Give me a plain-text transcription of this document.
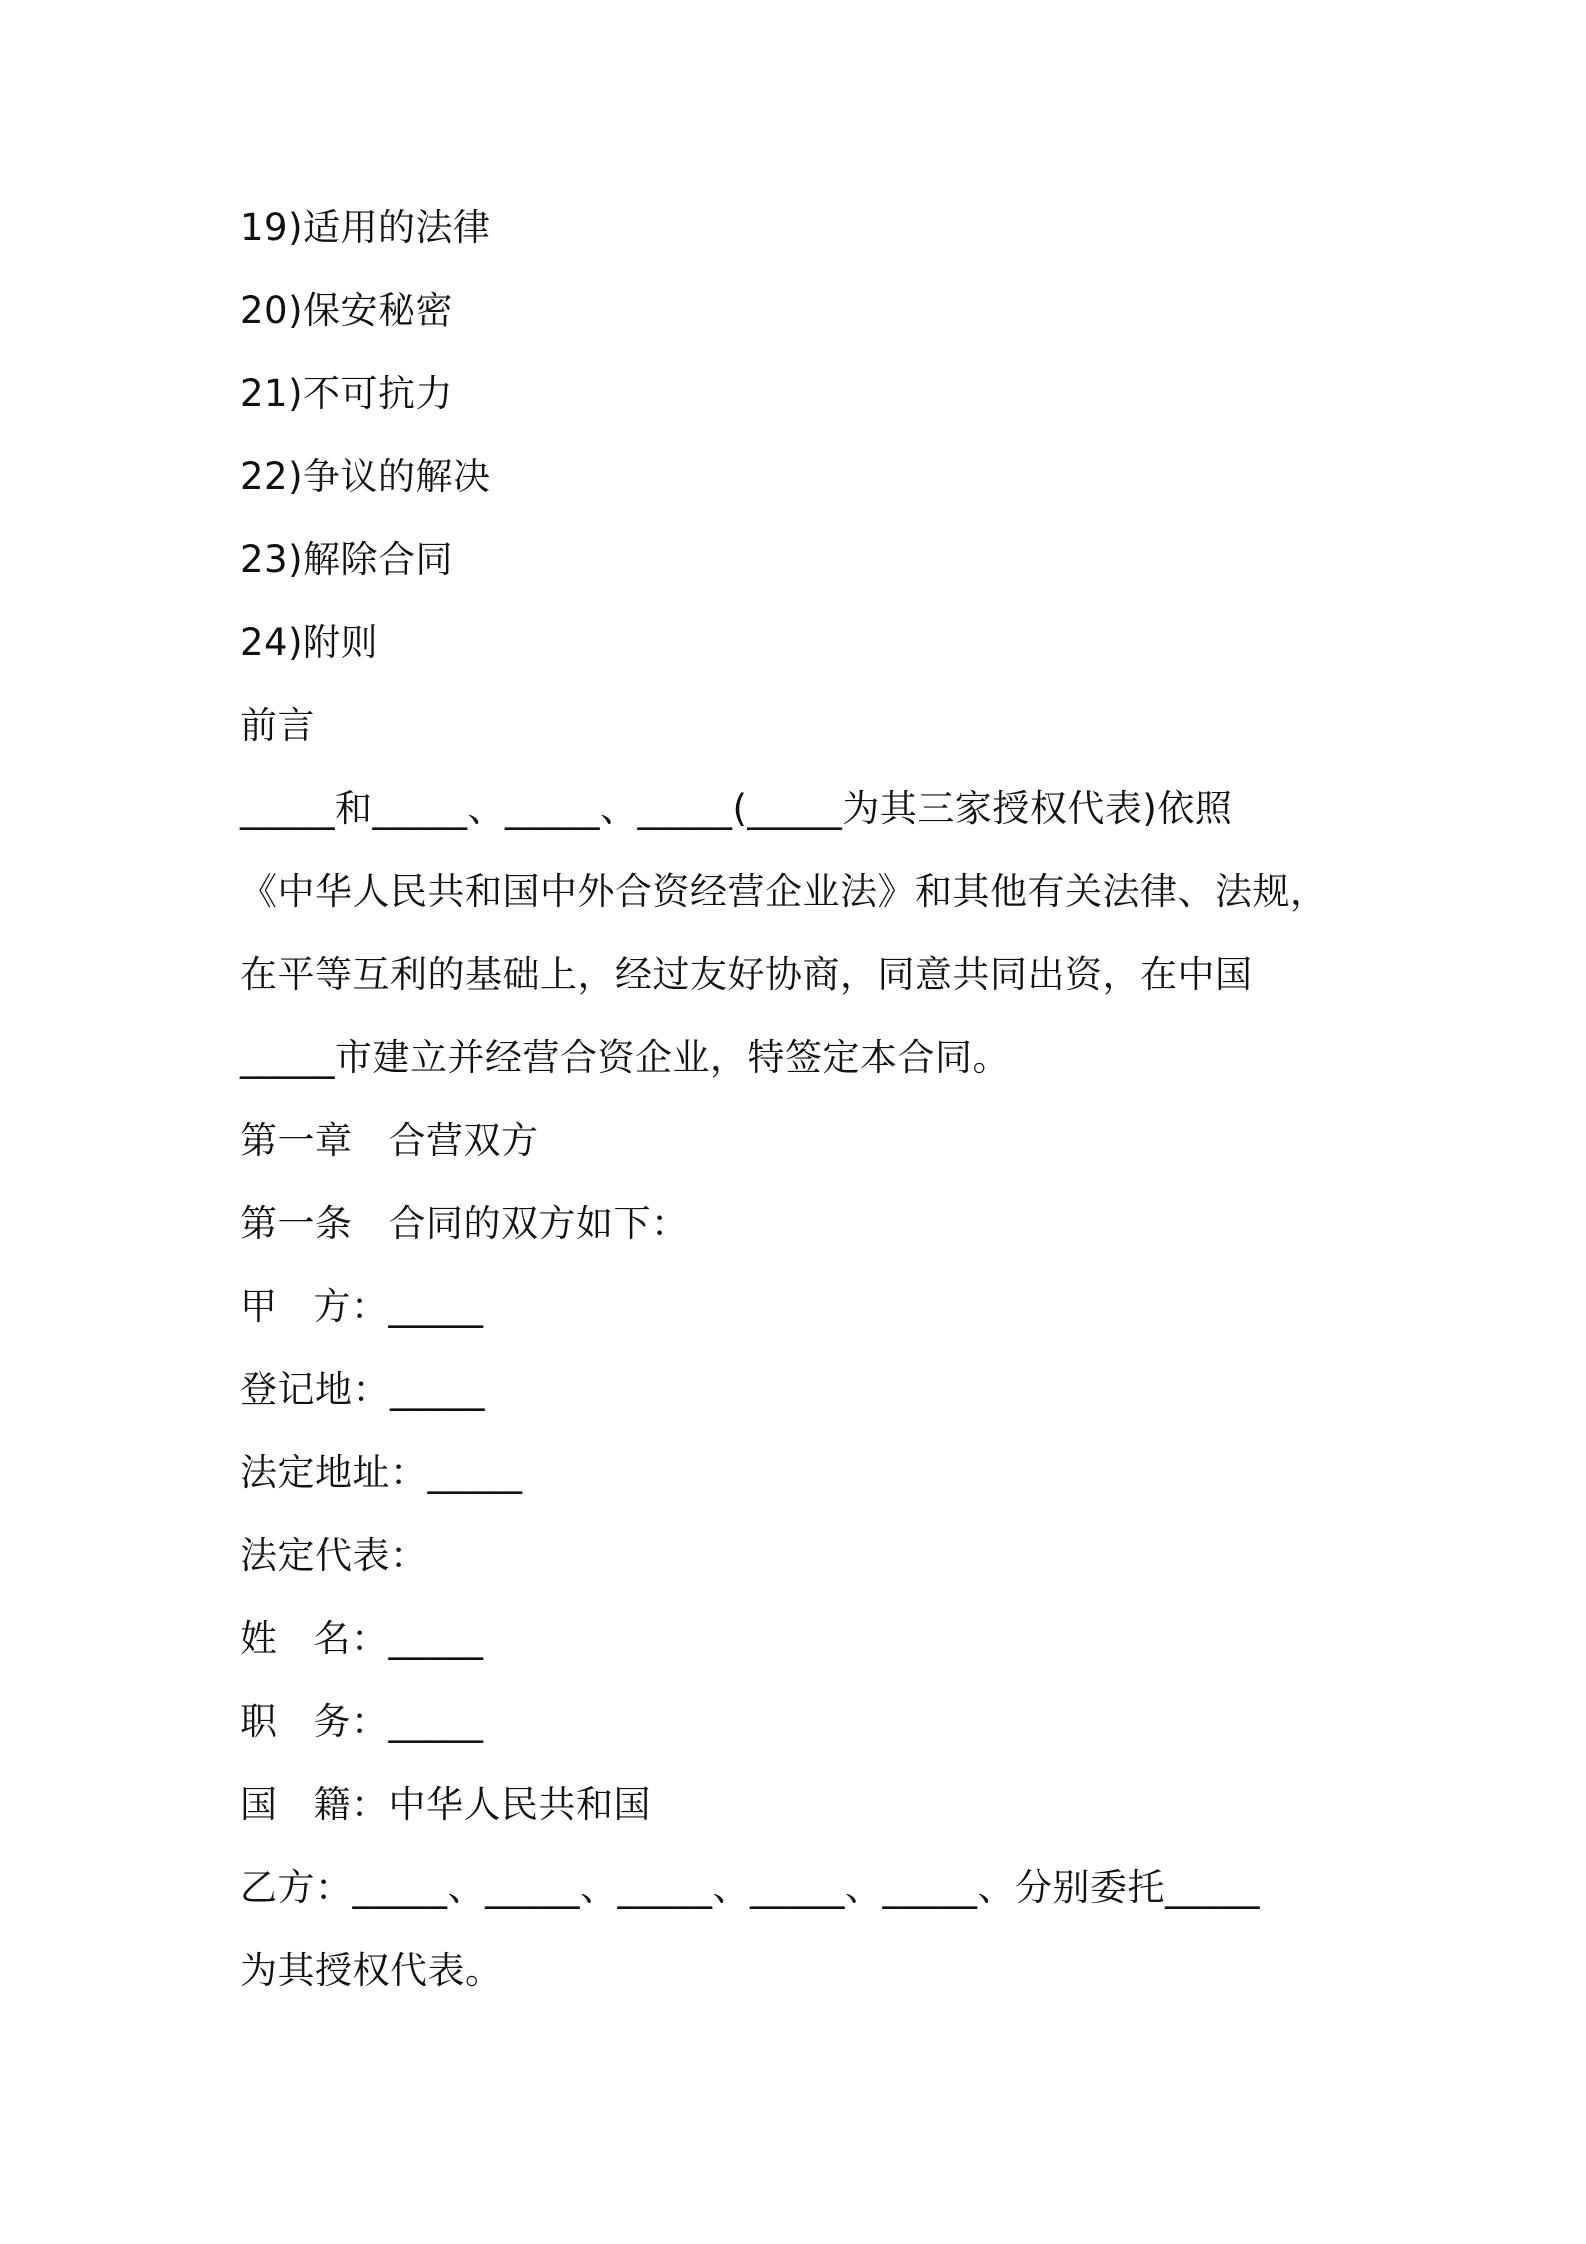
19)适用的法律
20)保安秘密
21)不可抗力
22)争议的解决
23)解除合同
24)附则
前言
_____和_____、_____、_____(_____为其三家授权代表)依照
《中华人民共和国中外合资经营企业法》和其他有关法律、法规，
在平等互利的基础上，经过友好协商，同意共同出资，在中国
_____市建立并经营合资企业，特签定本合同。
第一章 合营双方
第一条 合同的双方如下：
甲 方：_____
登记地：_____
法定地址：_____
法定代表：
姓 名：_____
职 务：_____
国 籍：中华人民共和国
乙方：_____、_____、_____、_____、_____、分别委托_____
为其授权代表。
